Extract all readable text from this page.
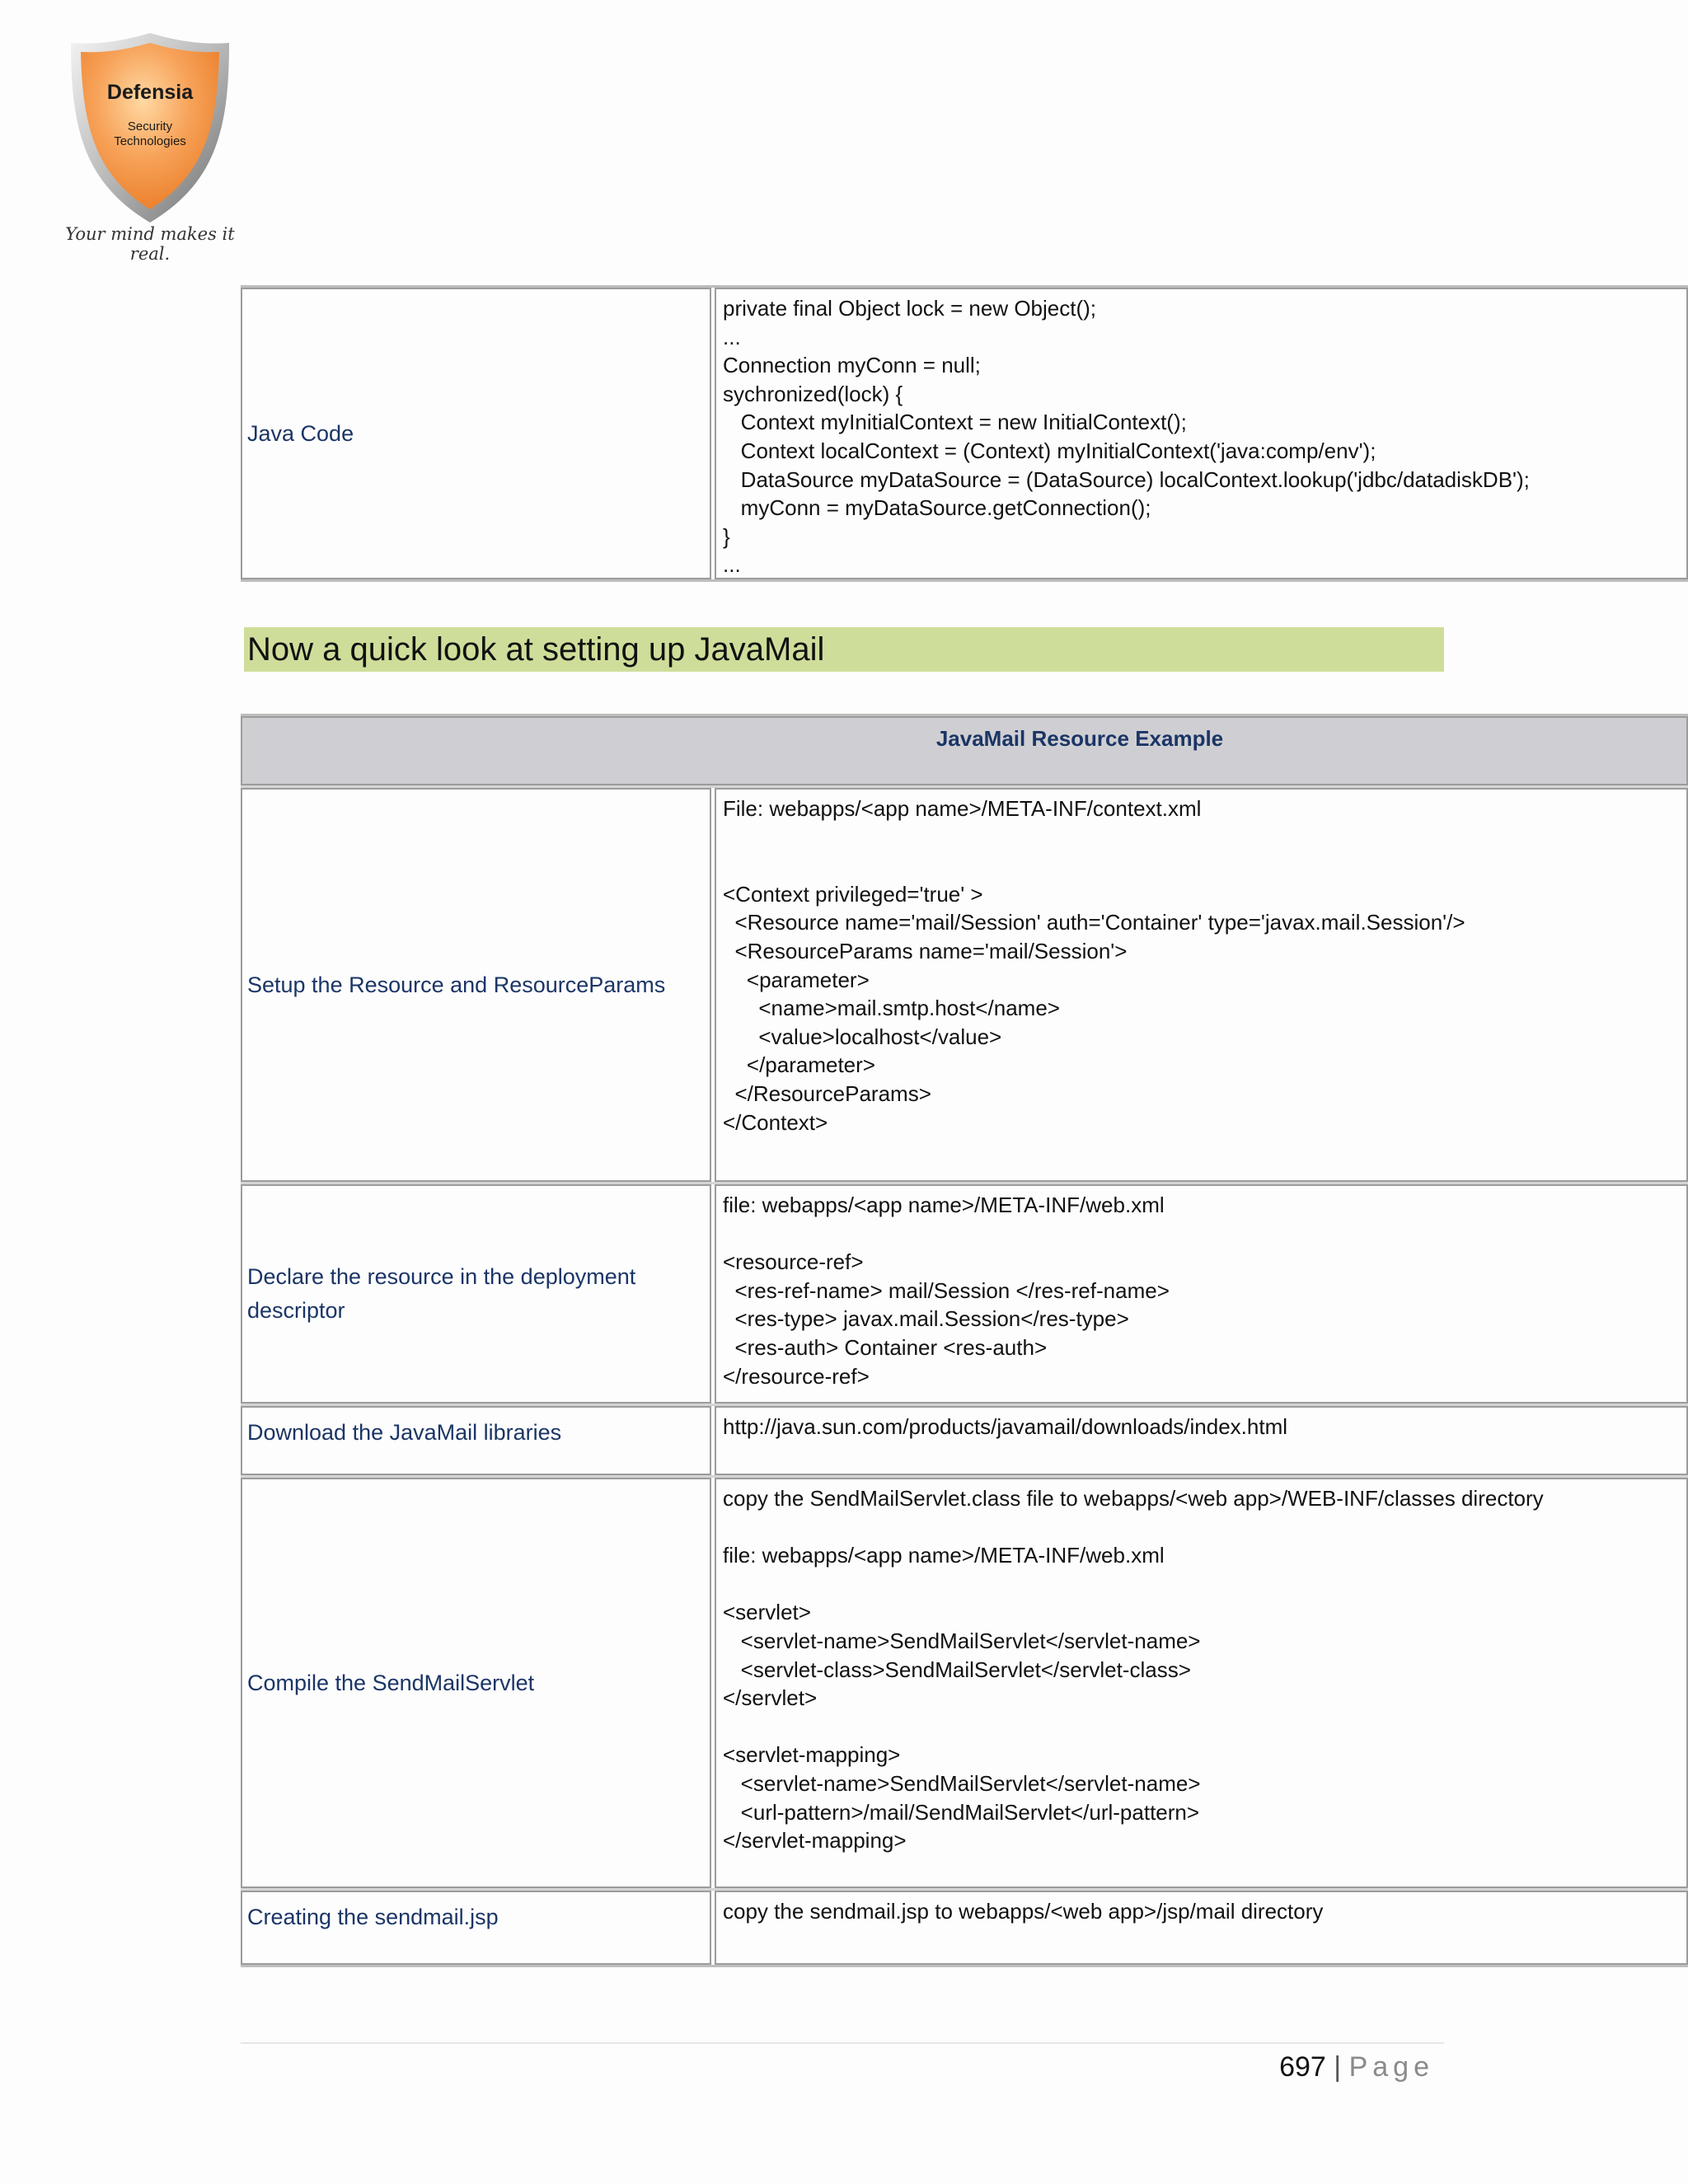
Defensia
Security
Technologies
Your mind makes it real.
Java Code
private final Object lock = new Object();
...
Connection myConn = null;
sychronized(lock) {
Context myInitialContext = new InitialContext();
Context localContext = (Context) myInitialContext('java:comp/env');
DataSource myDataSource = (DataSource) localContext.lookup('jdbc/datadiskDB');
myConn = myDataSource.getConnection();
}
...
Now a quick look at setting up JavaMail
JavaMail Resource Example
Setup the Resource and ResourceParams
File: webapps/<app name>/META-INF/context.xml
<Context privileged='true' >
<Resource name='mail/Session' auth='Container' type='javax.mail.Session'/>
<ResourceParams name='mail/Session'>
<parameter>
<name>mail.smtp.host</name>
<value>localhost</value>
</parameter>
</ResourceParams>
</Context>
Declare the resource in the deployment descriptor
file: webapps/<app name>/META-INF/web.xml
<resource-ref>
<res-ref-name> mail/Session </res-ref-name>
<res-type> javax.mail.Session</res-type>
<res-auth> Container <res-auth>
</resource-ref>
Download the JavaMail libraries	http://java.sun.com/products/javamail/downloads/index.html
Compile the SendMailServlet
copy the SendMailServlet.class file to webapps/<web app>/WEB-INF/classes directory
file: webapps/<app name>/META-INF/web.xml
<servlet>
<servlet-name>SendMailServlet</servlet-name>
<servlet-class>SendMailServlet</servlet-class>
</servlet>
<servlet-mapping>
<servlet-name>SendMailServlet</servlet-name>
<url-pattern>/mail/SendMailServlet</url-pattern>
</servlet-mapping>
Creating the sendmail.jsp	copy the sendmail.jsp to webapps/<web app>/jsp/mail directory
697 | Page
